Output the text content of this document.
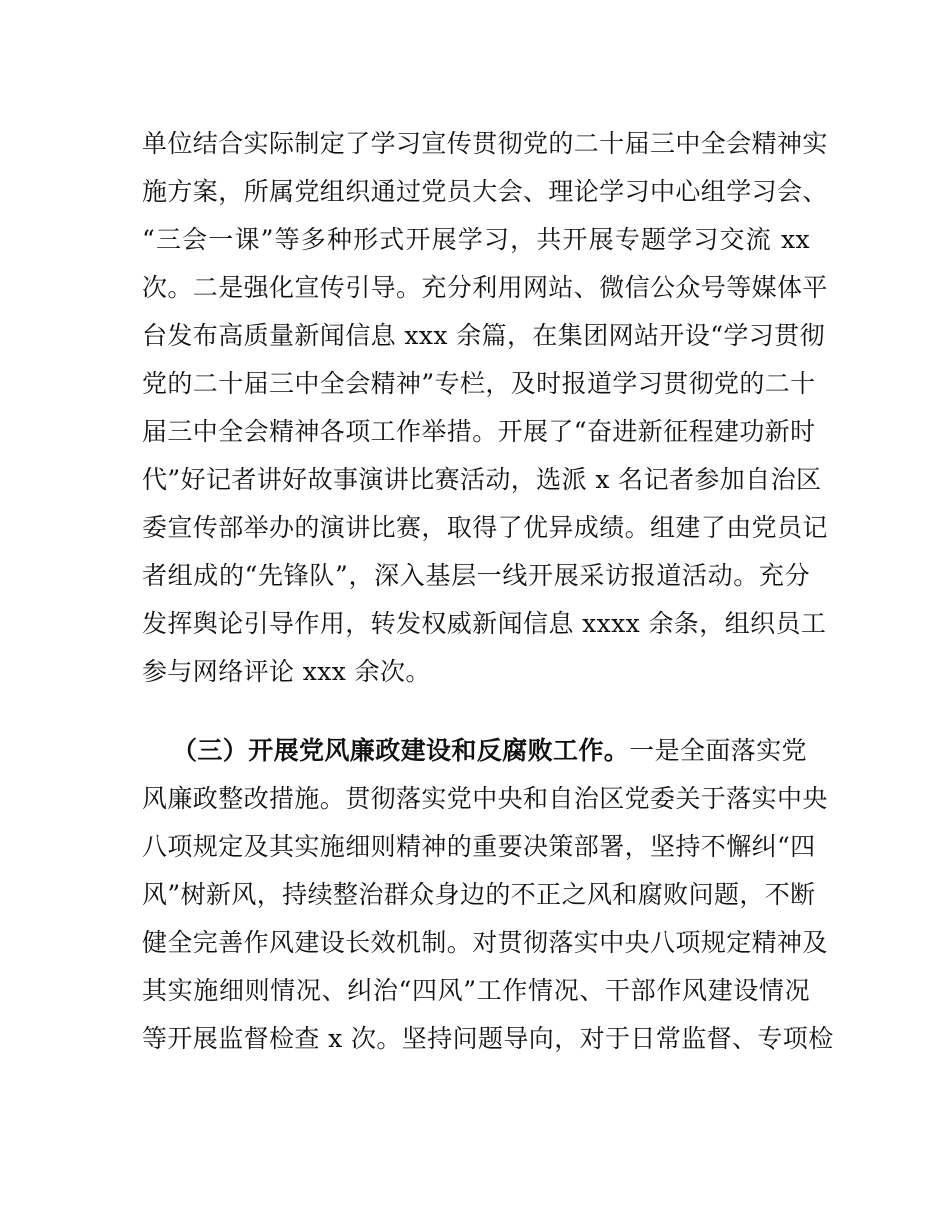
单位结合实际制定了学习宣传贯彻党的二十届三中全会精神实
施方案，所属党组织通过党员大会、理论学习中心组学习会、
“三会一课”等多种形式开展学习，共开展专题学习交流 xx
次。二是强化宣传引导。充分利用网站、微信公众号等媒体平
台发布高质量新闻信息 xxx 余篇，在集团网站开设“学习贯彻
党的二十届三中全会精神”专栏，及时报道学习贯彻党的二十
届三中全会精神各项工作举措。开展了“奋进新征程建功新时
代”好记者讲好故事演讲比赛活动，选派 x 名记者参加自治区
委宣传部举办的演讲比赛，取得了优异成绩。组建了由党员记
者组成的“先锋队”，深入基层一线开展采访报道活动。充分
发挥舆论引导作用，转发权威新闻信息 xxxx 余条，组织员工
参与网络评论 xxx 余次。
（三）开展党风廉政建设和反腐败工作。一是全面落实党
风廉政整改措施。贯彻落实党中央和自治区党委关于落实中央
八项规定及其实施细则精神的重要决策部署，坚持不懈纠“四
风”树新风，持续整治群众身边的不正之风和腐败问题，不断
健全完善作风建设长效机制。对贯彻落实中央八项规定精神及
其实施细则情况、纠治“四风”工作情况、干部作风建设情况
等开展监督检查 x 次。坚持问题导向，对于日常监督、专项检
